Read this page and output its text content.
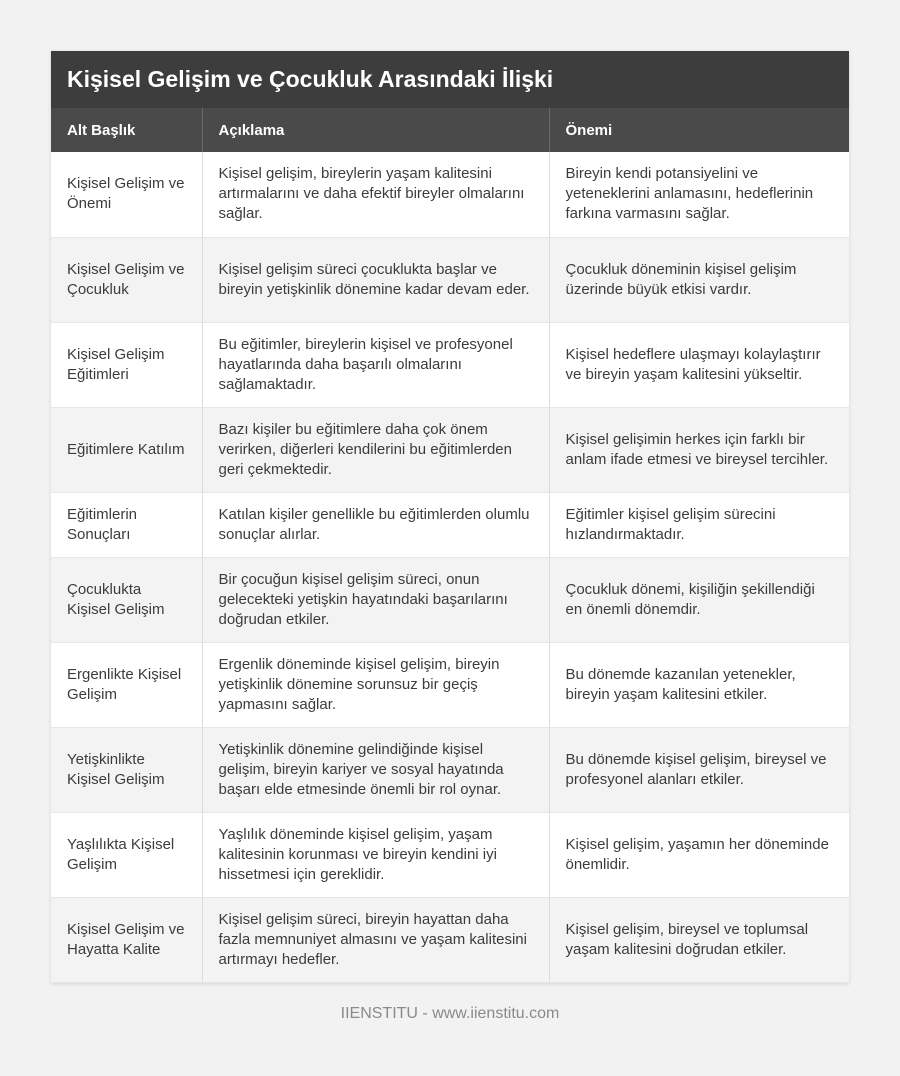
Kişisel Gelişim ve Çocukluk Arasındaki İlişki
Alt Başlık	Açıklama	Önemi
Kişisel Gelişim ve Önemi	Kişisel gelişim, bireylerin yaşam kalitesini artırmalarını ve daha efektif bireyler olmalarını sağlar.	Bireyin kendi potansiyelini ve yeteneklerini anlamasını, hedeflerinin farkına varmasını sağlar.
Kişisel Gelişim ve Çocukluk	Kişisel gelişim süreci çocuklukta başlar ve bireyin yetişkinlik dönemine kadar devam eder.	Çocukluk döneminin kişisel gelişim üzerinde büyük etkisi vardır.
Kişisel Gelişim Eğitimleri	Bu eğitimler, bireylerin kişisel ve profesyonel hayatlarında daha başarılı olmalarını sağlamaktadır.	Kişisel hedeflere ulaşmayı kolaylaştırır ve bireyin yaşam kalitesini yükseltir.
Eğitimlere Katılım	Bazı kişiler bu eğitimlere daha çok önem verirken, diğerleri kendilerini bu eğitimlerden geri çekmektedir.	Kişisel gelişimin herkes için farklı bir anlam ifade etmesi ve bireysel tercihler.
Eğitimlerin Sonuçları	Katılan kişiler genellikle bu eğitimlerden olumlu sonuçlar alırlar.	Eğitimler kişisel gelişim sürecini hızlandırmaktadır.
Çocuklukta Kişisel Gelişim	Bir çocuğun kişisel gelişim süreci, onun gelecekteki yetişkin hayatındaki başarılarını doğrudan etkiler.	Çocukluk dönemi, kişiliğin şekillendiği en önemli dönemdir.
Ergenlikte Kişisel Gelişim	Ergenlik döneminde kişisel gelişim, bireyin yetişkinlik dönemine sorunsuz bir geçiş yapmasını sağlar.	Bu dönemde kazanılan yetenekler, bireyin yaşam kalitesini etkiler.
Yetişkinlikte Kişisel Gelişim	Yetişkinlik dönemine gelindiğinde kişisel gelişim, bireyin kariyer ve sosyal hayatında başarı elde etmesinde önemli bir rol oynar.	Bu dönemde kişisel gelişim, bireysel ve profesyonel alanları etkiler.
Yaşlılıkta Kişisel Gelişim	Yaşlılık döneminde kişisel gelişim, yaşam kalitesinin korunması ve bireyin kendini iyi hissetmesi için gereklidir.	Kişisel gelişim, yaşamın her döneminde önemlidir.
Kişisel Gelişim ve Hayatta Kalite	Kişisel gelişim süreci, bireyin hayattan daha fazla memnuniyet almasını ve yaşam kalitesini artırmayı hedefler.	Kişisel gelişim, bireysel ve toplumsal yaşam kalitesini doğrudan etkiler.
IIENSTITU - www.iienstitu.com
